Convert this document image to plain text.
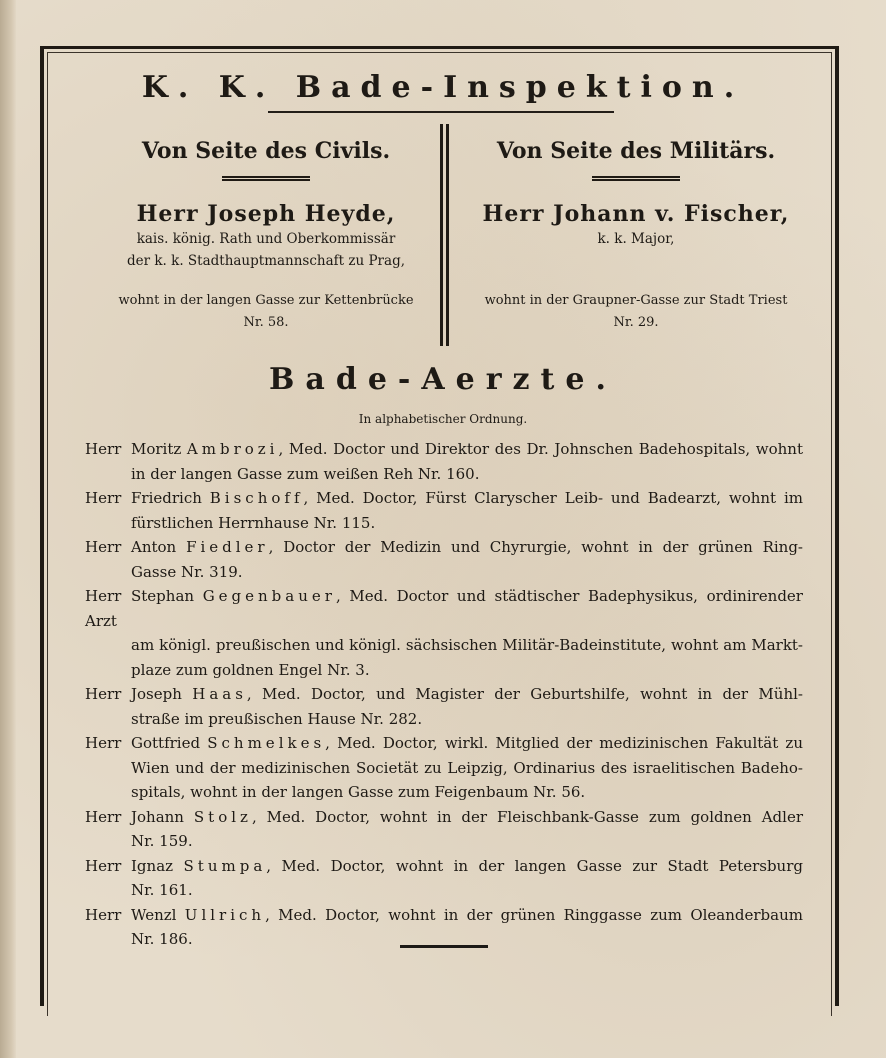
K. K. Bade-Inspektion.
Von Seite des Civils.
Herr Joseph Heyde,
kais. könig‌. Rath und Oberkommissär
der k. k. Stadthauptmannschaft zu Prag,
wohnt in der langen Gasse zur Kettenbrücke
Nr. 58.
Von Seite des Militärs.
Herr Johann v. Fischer,
k. k. Major,
wohnt in der Graupner-Gasse zur Stadt Triest
Nr. 29.
Bade-Aerzte.
In alphabetischer Ordnung.
Herr Moritz Ambrozi, Med. Doctor und Direktor des Dr. Johnschen Badehospitals, wohnt
in der langen Gasse zum weißen Reh Nr. 160.
Herr Friedrich Bischoff, Med. Doctor, Fürst Claryscher Leib- und Badearzt, wohnt im
fürstlichen Herrnhause Nr. 115.
Herr Anton Fiedler, Doctor der Medizin und Chyrurgie, wohnt in der grünen Ring-
Gasse Nr. 319.
Herr Stephan Gegenbauer, Med. Doctor und städtischer Badephysikus, ordinirender Arzt
am königl. preußischen und königl. sächsischen Militär-Badeinstitute, wohnt am Markt-plaze zum goldnen Engel Nr. 3.
Herr Joseph Haas, Med. Doctor, und Magister der Geburtshilfe, wohnt in der Mühl-
straße im preußischen Hause Nr. 282.
Herr Gottfried Schmelkes, Med. Doctor, wirkl. Mitglied der medizinischen Fakultät zu
Wien und der medizinischen Societät zu Leipzig, Ordinarius des israelitischen Badeho-spitals, wohnt in der langen Gasse zum Feigenbaum Nr. 56.
Herr Johann Stolz, Med. Doctor, wohnt in der Fleischbank-Gasse zum goldnen Adler
Nr. 159.
Herr Ignaz Stumpa, Med. Doctor, wohnt in der langen Gasse zur Stadt Petersburg
Nr. 161.
Herr Wenzl Ullrich, Med. Doctor, wohnt in der grünen Ringgasse zum Oleanderbaum
Nr. 186.
